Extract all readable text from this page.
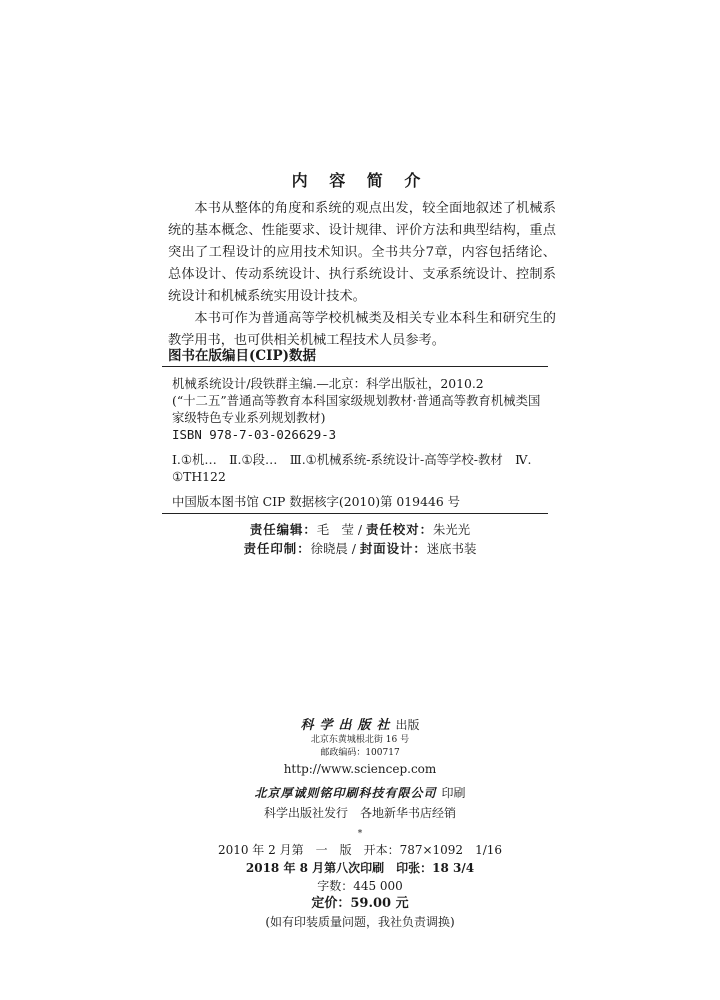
内 容 简 介

本书从整体的角度和系统的观点出发，较全面地叙述了机械系统的基本概念、性能要求、设计规律、评价方法和典型结构，重点突出了工程设计的应用技术知识。全书共分7章，内容包括绪论、总体设计、传动系统设计、执行系统设计、支承系统设计、控制系统设计和机械系统实用设计技术。

本书可作为普通高等学校机械类及相关专业本科生和研究生的教学用书，也可供相关机械工程技术人员参考。

图书在版编目(CIP)数据
机械系统设计/段铁群主编.—北京：科学出版社，2010.2
(“十二五”普通高等教育本科国家级规划教材·普通高等教育机械类国
家级特色专业系列规划教材)
ISBN 978-7-03-026629-3
Ⅰ.①机…　Ⅱ.①段…　Ⅲ.①机械系统-系统设计-高等学校-教材　Ⅳ.
①TH122
中国版本图书馆 CIP 数据核字(2010)第 019446 号
责任编辑：毛　莹 / 责任校对：朱光光
责任印制：徐晓晨 / 封面设计：迷底书装
科学出版社出版
北京东黄城根北街 16 号
邮政编码：100717
http://www.sciencep.com
北京厚诚则铭印刷科技有限公司 印刷
科学出版社发行　各地新华书店经销
*
2010 年 2 月第　一　版　开本：787×1092　1/16
2018 年 8 月第八次印刷　印张：18 3/4
字数：445 000
定价：59.00 元
(如有印装质量问题，我社负责调换)
